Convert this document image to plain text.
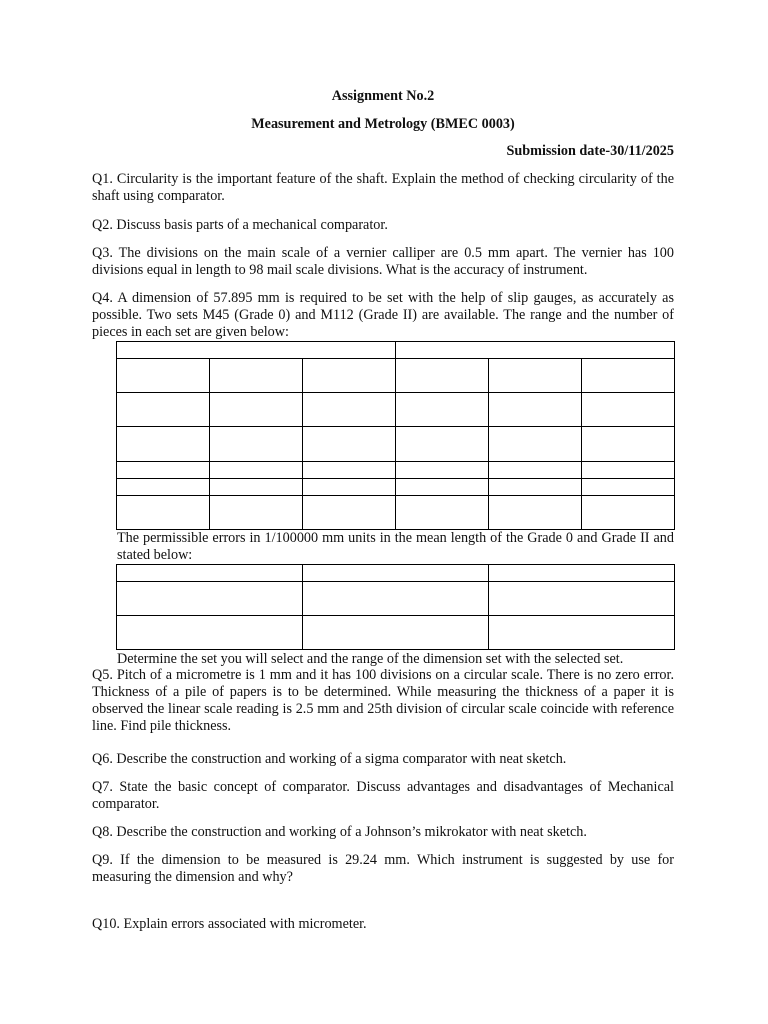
Assignment No.2
Measurement and Metrology (BMEC 0003)
Submission date-30/11/2025
Q1. Circularity is the important feature of the shaft. Explain the method of checking circularity of the shaft using comparator.
Q2. Discuss basis parts of a mechanical comparator.
Q3. The divisions on the main scale of a vernier calliper are 0.5 mm apart. The vernier has 100 divisions equal in length to 98 mail scale divisions. What is the accuracy of instrument.
Q4. A dimension of 57.895 mm is required to be set with the help of slip gauges, as accurately as possible. Two sets M45 (Grade 0) and M112 (Grade II) are available. The range and the number of pieces in each set are given below:

The permissible errors in 1/100000 mm units in the mean length of the Grade 0 and Grade II and stated below:

Determine the set you will select and the range of the dimension set with the selected set.
Q5. Pitch of a micrometre is 1 mm and it has 100 divisions on a circular scale. There is no zero error. Thickness of a pile of papers is to be determined. While measuring the thickness of a paper it is observed the linear scale reading is 2.5 mm and 25th division of circular scale coincide with reference line. Find pile thickness.
Q6. Describe the construction and working of a sigma comparator with neat sketch.
Q7. State the basic concept of comparator. Discuss advantages and disadvantages of Mechanical comparator.
Q8. Describe the construction and working of a Johnson’s mikrokator with neat sketch.
Q9. If the dimension to be measured is 29.24 mm. Which instrument is suggested by use for measuring the dimension and why?
Q10. Explain errors associated with micrometer.
